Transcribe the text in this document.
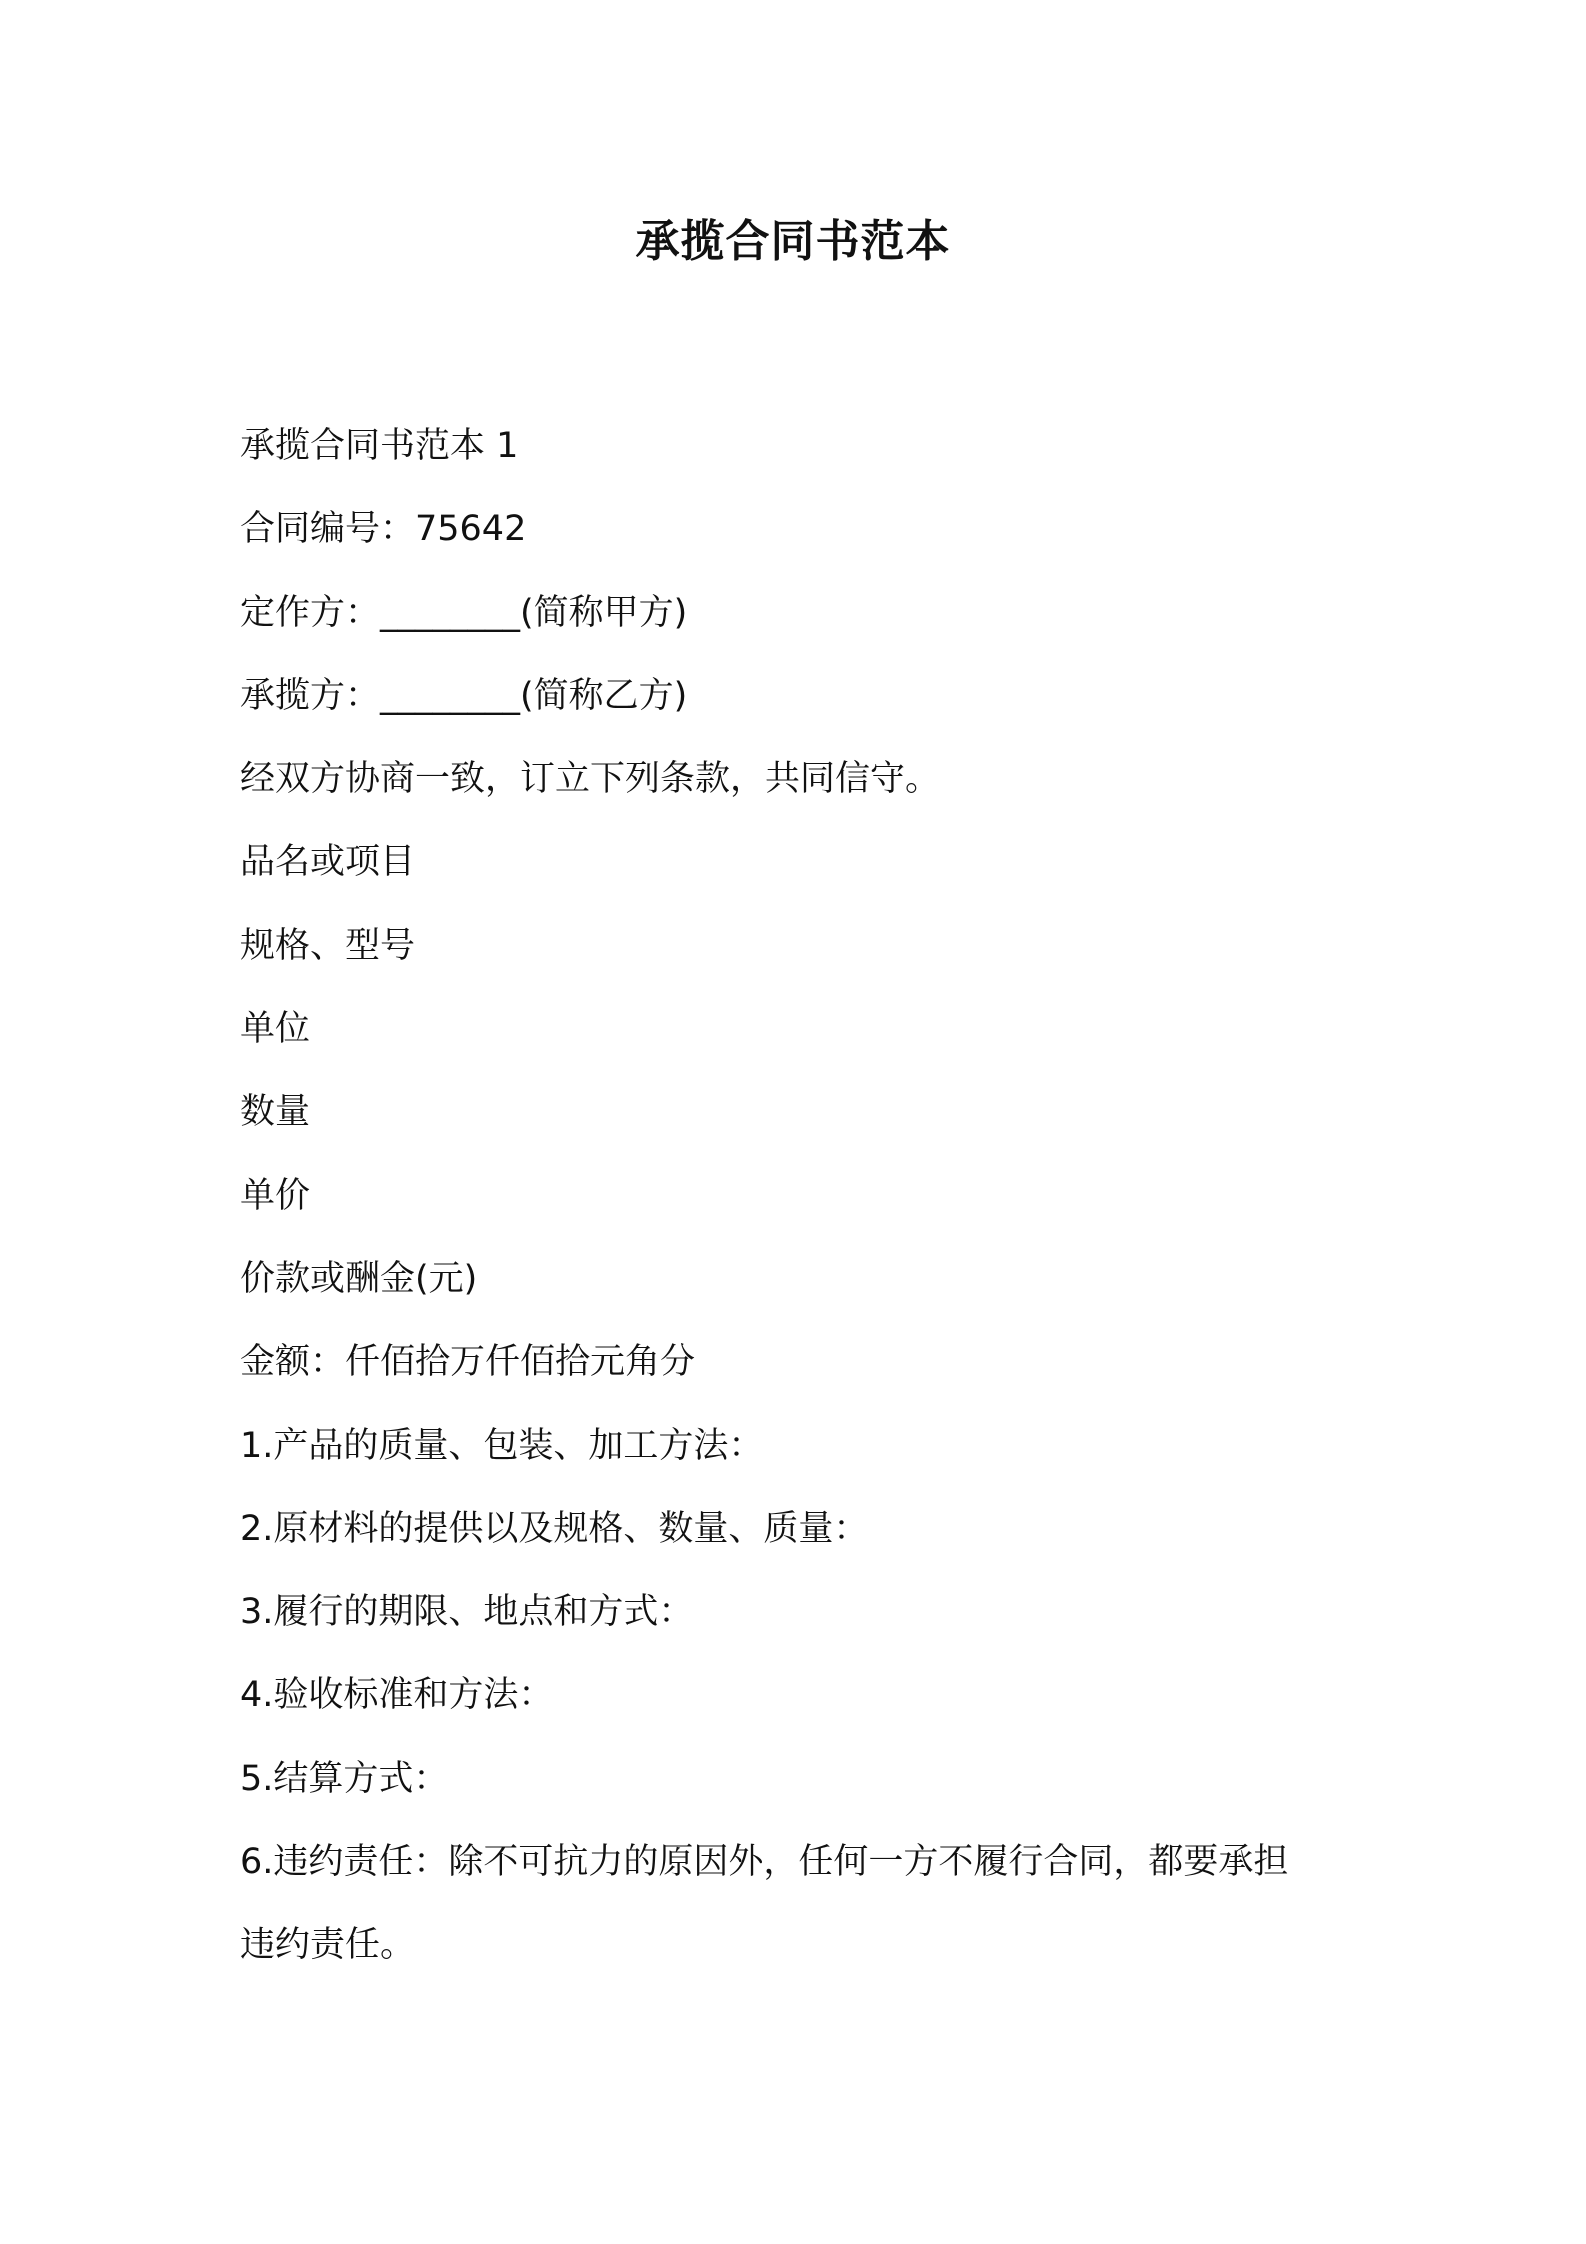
承揽合同书范本
承揽合同书范本 1
合同编号：75642
定作方：________(简称甲方)
承揽方：________(简称乙方)
经双方协商一致，订立下列条款，共同信守。
品名或项目
规格、型号
单位
数量
单价
价款或酬金(元)
金额：仟佰拾万仟佰拾元角分
1.产品的质量、包装、加工方法：
2.原材料的提供以及规格、数量、质量：
3.履行的期限、地点和方式：
4.验收标准和方法：
5.结算方式：
6.违约责任：除不可抗力的原因外，任何一方不履行合同，都要承担
违约责任。
